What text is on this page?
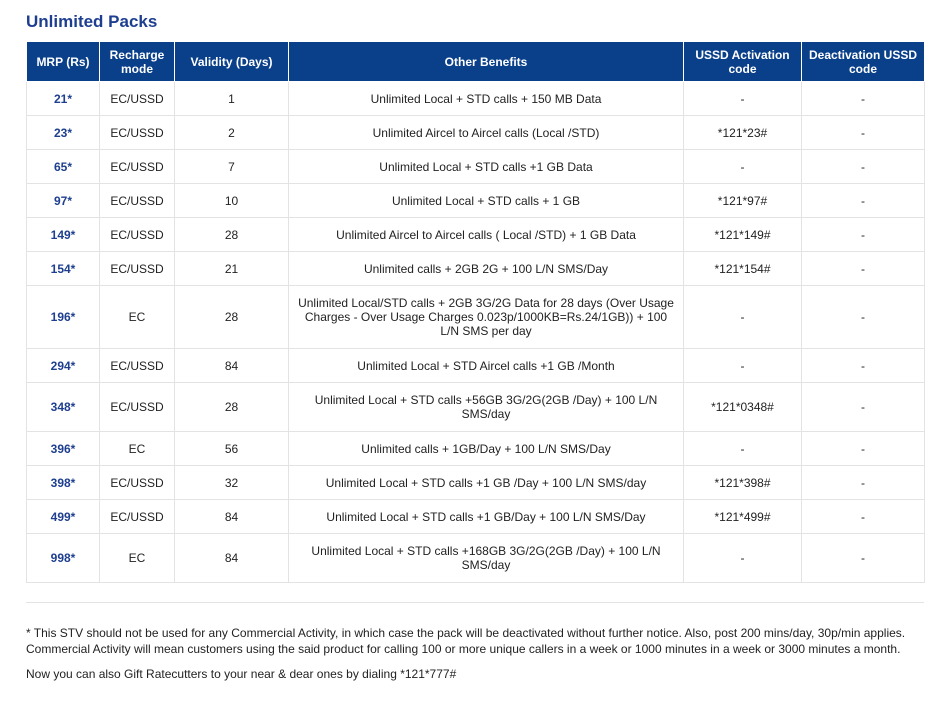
Unlimited Packs
MRP (Rs)	Recharge mode	Validity (Days)	Other Benefits	USSD Activation code	Deactivation USSD code
21*	EC/USSD	1	Unlimited Local + STD calls + 150 MB Data	-	-
23*	EC/USSD	2	Unlimited Aircel to Aircel calls (Local /STD)	*121*23#	-
65*	EC/USSD	7	Unlimited Local + STD calls +1 GB Data	-	-
97*	EC/USSD	10	Unlimited Local + STD calls + 1 GB	*121*97#	-
149*	EC/USSD	28	Unlimited Aircel to Aircel calls ( Local /STD) + 1 GB Data	*121*149#	-
154*	EC/USSD	21	Unlimited calls + 2GB 2G + 100 L/N SMS/Day	*121*154#	-
196*	EC	28	Unlimited Local/STD calls + 2GB 3G/2G Data for 28 days (Over Usage Charges - Over Usage Charges 0.023p/1000KB=Rs.24/1GB)) + 100 L/N SMS per day	-	-
294*	EC/USSD	84	Unlimited Local + STD Aircel calls +1 GB /Month	-	-
348*	EC/USSD	28	Unlimited Local + STD calls +56GB 3G/2G(2GB /Day) + 100 L/N SMS/day	*121*0348#	-
396*	EC	56	Unlimited calls + 1GB/Day + 100 L/N SMS/Day	-	-
398*	EC/USSD	32	Unlimited Local + STD calls +1 GB /Day + 100 L/N SMS/day	*121*398#	-
499*	EC/USSD	84	Unlimited Local + STD calls +1 GB/Day + 100 L/N SMS/Day	*121*499#	-
998*	EC	84	Unlimited Local + STD calls +168GB 3G/2G(2GB /Day) + 100 L/N SMS/day	-	-
* This STV should not be used for any Commercial Activity, in which case the pack will be deactivated without further notice. Also, post 200 mins/day, 30p/min applies. Commercial Activity will mean customers using the said product for calling 100 or more unique callers in a week or 1000 minutes in a week or 3000 minutes a month.
Now you can also Gift Ratecutters to your near & dear ones by dialing *121*777#
